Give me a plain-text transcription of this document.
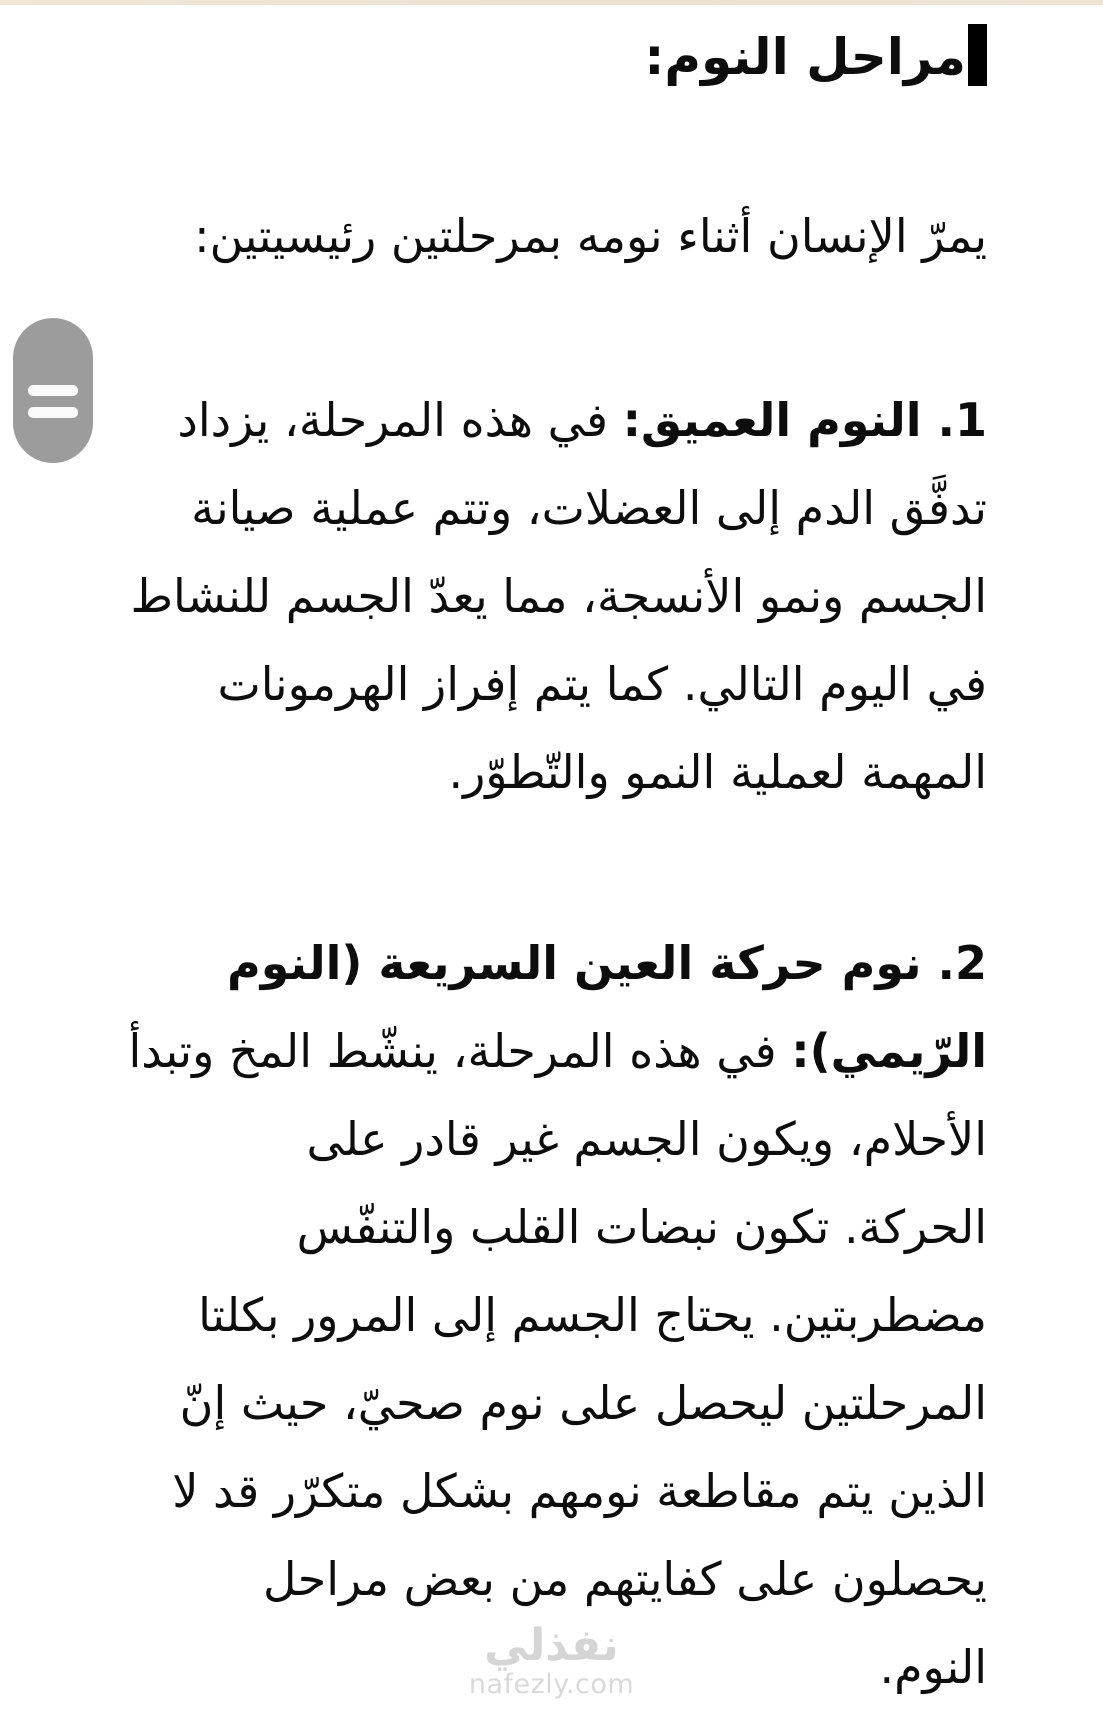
مراحل النوم:
يمرّ الإنسان أثناء نومه بمرحلتين رئيسيتين:
1. النوم العميق: في هذه المرحلة، يزداد
تدفَّق الدم إلى العضلات، وتتم عملية صيانة
الجسم ونمو الأنسجة، مما يعدّ الجسم للنشاط
في اليوم التالي. كما يتم إفراز الهرمونات
المهمة لعملية النمو والتّطوّر.
2. نوم حركة العين السريعة (النوم
الرّيمي): في هذه المرحلة، ينشّط المخ وتبدأ
الأحلام، ويكون الجسم غير قادر على
الحركة. تكون نبضات القلب والتنفّس
مضطربتين. يحتاج الجسم إلى المرور بكلتا
المرحلتين ليحصل على نوم صحيّ، حيث إنّ
الذين يتم مقاطعة نومهم بشكل متكرّر قد لا
يحصلون على كفايتهم من بعض مراحل
النوم.
نفذلي
nafezly.com
